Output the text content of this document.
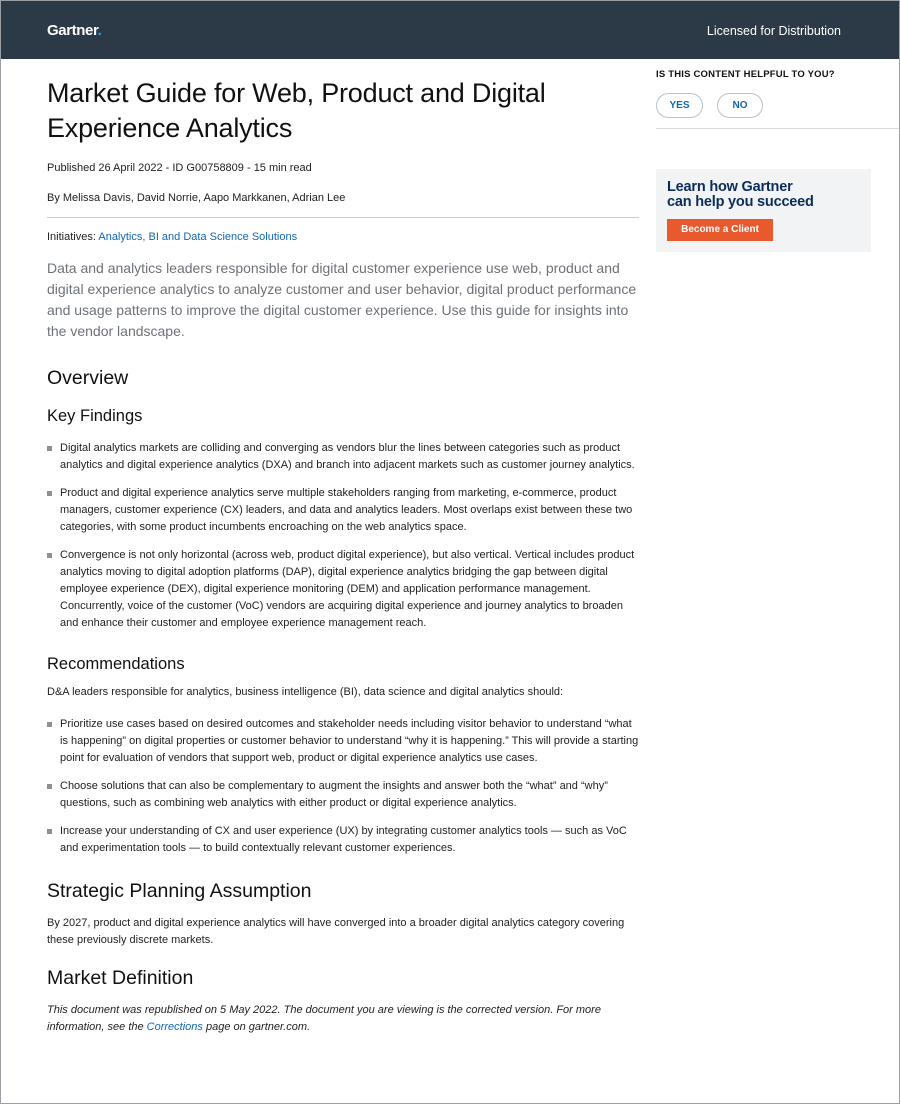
Gartner.	Licensed for Distribution
Market Guide for Web, Product and Digital
Experience Analytics
Published 26 April 2022 - ID G00758809 - 15 min read
By Melissa Davis, David Norrie, Aapo Markkanen, Adrian Lee
Initiatives: Analytics, BI and Data Science Solutions

Data and analytics leaders responsible for digital customer experience use web, product and digital experience analytics to analyze customer and user behavior, digital product performance and usage patterns to improve the digital customer experience. Use this guide for insights into the vendor landscape.

Overview
Key Findings
Digital analytics markets are colliding and converging as vendors blur the lines between categories such as product analytics and digital experience analytics (DXA) and branch into adjacent markets such as customer journey analytics.
Product and digital experience analytics serve multiple stakeholders ranging from marketing, e-commerce, product managers, customer experience (CX) leaders, and data and analytics leaders. Most overlaps exist between these two categories, with some product incumbents encroaching on the web analytics space.
Convergence is not only horizontal (across web, product digital experience), but also vertical. Vertical includes product analytics moving to digital adoption platforms (DAP), digital experience analytics bridging the gap between digital employee experience (DEX), digital experience monitoring (DEM) and application performance management. Concurrently, voice of the customer (VoC) vendors are acquiring digital experience and journey analytics to broaden and enhance their customer and employee experience management reach.
Recommendations

D&A leaders responsible for analytics, business intelligence (BI), data science and digital analytics should:

Prioritize use cases based on desired outcomes and stakeholder needs including visitor behavior to understand “what is happening” on digital properties or customer behavior to understand “why it is happening.” This will provide a starting point for evaluation of vendors that support web, product or digital experience analytics use cases.
Choose solutions that can also be complementary to augment the insights and answer both the “what” and “why” questions, such as combining web analytics with either product or digital experience analytics.
Increase your understanding of CX and user experience (UX) by integrating customer analytics tools — such as VoC and experimentation tools — to build contextually relevant customer experiences.
Strategic Planning Assumption

By 2027, product and digital experience analytics will have converged into a broader digital analytics category covering these previously discrete markets.

Market Definition

This document was republished on 5 May 2022. The document you are viewing is the corrected version. For more information, see the Corrections page on gartner.com.

IS THIS CONTENT HELPFUL TO YOU?
YES	NO
Learn how Gartner
can help you succeed
Become a Client
